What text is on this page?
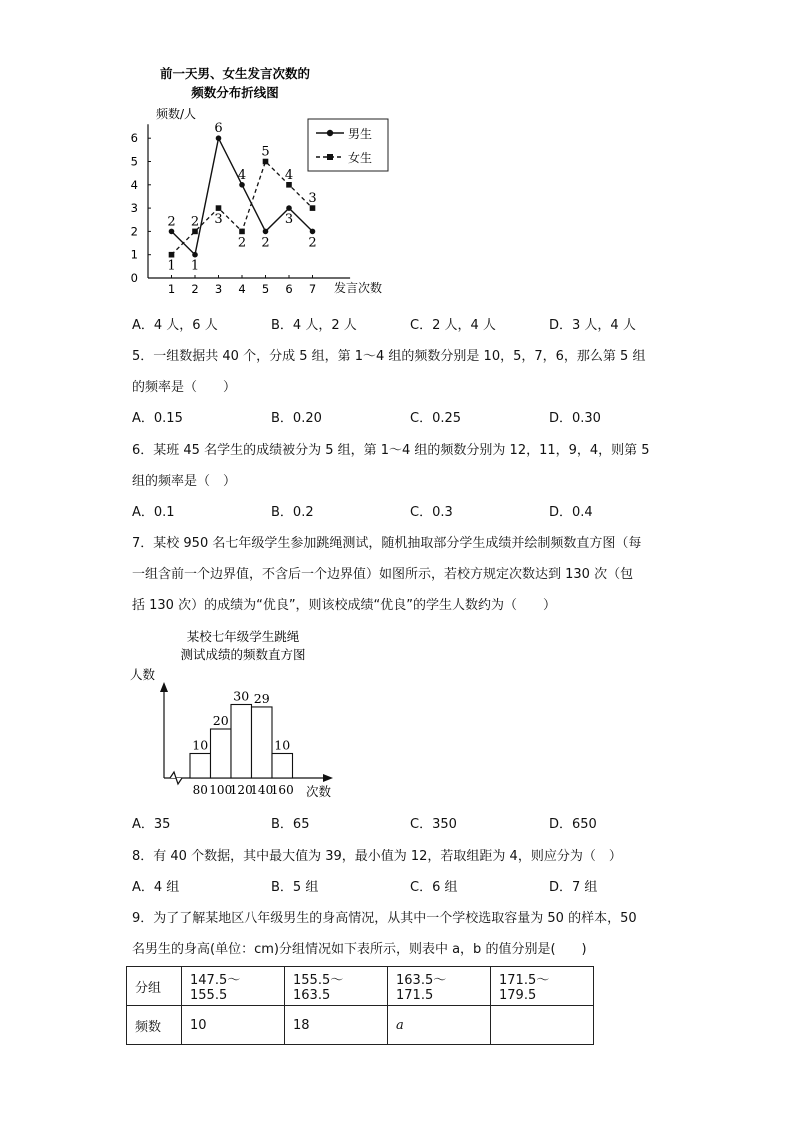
前一天男、女生发言次数的
频数分布折线图
频数/人
发言次数
男生
女生
0
1
2
3
4
5
6
1 2 3 4 5 6 7
2
1 1
2
6
3
4
2 2
5
3
4
2
3
A．4 人，6 人	B．4 人，2 人	C．2 人，4 人	D．3 人，4 人
5．一组数据共 40 个，分成 5 组，第 1～4 组的频数分别是 10，5，7，6，那么第 5 组
的频率是（　　）
A．0.15	B．0.20	C．0.25	D．0.30
6．某班 45 名学生的成绩被分为 5 组，第 1～4 组的频数分别为 12，11，9，4，则第 5
组的频率是（　）
A．0.1	B．0.2	C．0.3	D．0.4
7．某校 950 名七年级学生参加跳绳测试，随机抽取部分学生成绩并绘制频数直方图（每
一组含前一个边界值，不含后一个边界值）如图所示，若校方规定次数达到 130 次（包
括 130 次）的成绩为“优良”，则该校成绩“优良”的学生人数约为（　　）
某校七年级学生跳绳
测试成绩的频数直方图
人数
次数
10
20
30 29
10
80 100
120
140
160
A．35	B．65	C．350	D．650
8．有 40 个数据，其中最大值为 39，最小值为 12，若取组距为 4，则应分为（　）
A．4 组	B．5 组	C．6 组	D．7 组
9．为了了解某地区八年级男生的身高情况，从其中一个学校选取容量为 50 的样本，50
名男生的身高(单位：cm)分组情况如下表所示，则表中 a，b 的值分别是(　　)
分组	147.5～155.5	155.5～163.5	163.5～171.5	171.5～179.5
频数	10	18	a	
